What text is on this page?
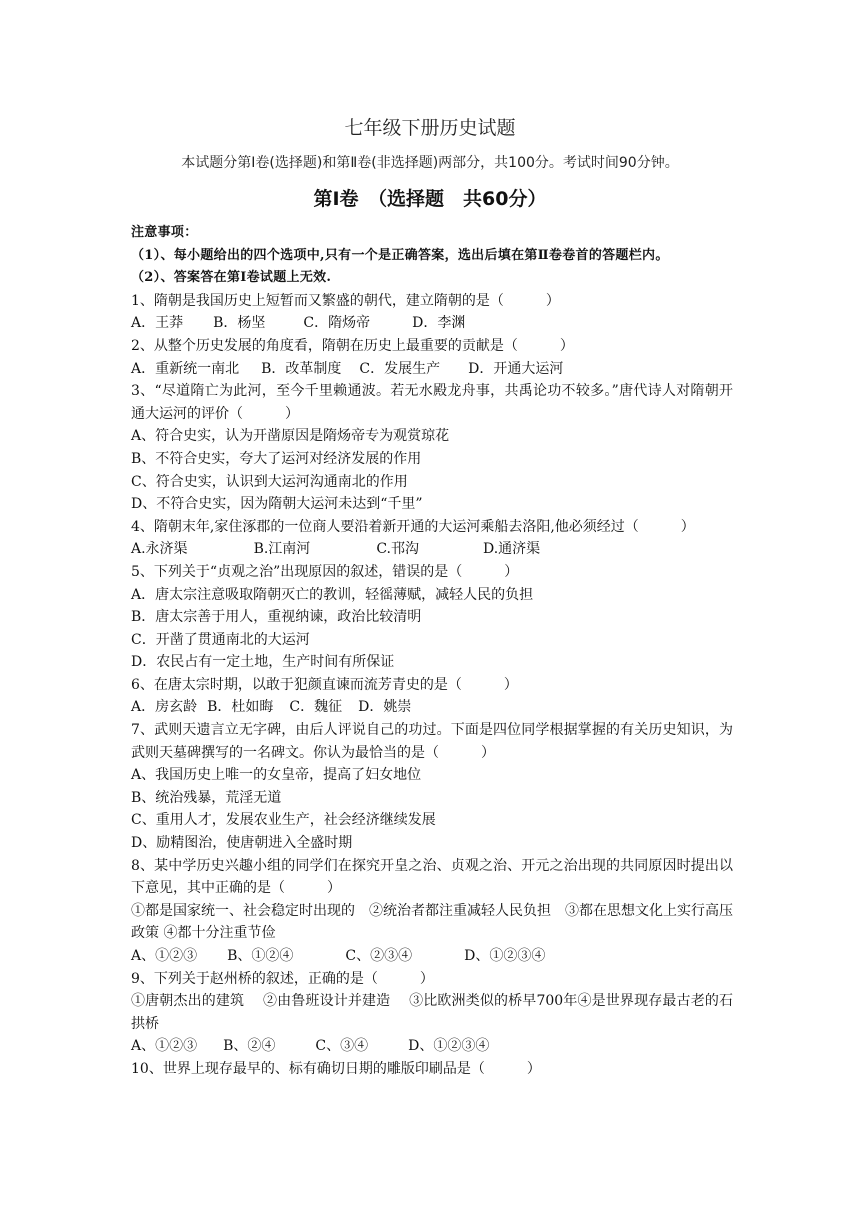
七年级下册历史试题
本试题分第Ⅰ卷(选择题)和第Ⅱ卷(非选择题)两部分，共100分。考试时间90分钟。
第Ⅰ卷　（选择题　共60分）

注意事项：

（1）、每小题给出的四个选项中,只有一个是正确答案，选出后填在第Ⅱ卷卷首的答题栏内。

（2）、答案答在第Ⅰ卷试题上无效.

1、隋朝是我国历史上短暂而又繁盛的朝代，建立隋朝的是（　　　）

A．王莽 B．杨坚	C．隋炀帝	D．李渊

2、从整个历史发展的角度看，隋朝在历史上最重要的贡献是（　　　）

A．重新统一南北 B．改革制度 C．发展生产 D．开通大运河

3、“尽道隋亡为此河，至今千里赖通波。若无水殿龙舟事，共禹论功不较多。”唐代诗人对隋朝开通大运河的评价（　　　）

A、符合史实，认为开凿原因是隋炀帝专为观赏琼花

B、不符合史实，夸大了运河对经济发展的作用

C、符合史实，认识到大运河沟通南北的作用

D、不符合史实，因为隋朝大运河未达到“千里”

4、隋朝末年,家住涿郡的一位商人要沿着新开通的大运河乘船去洛阳,他必须经过（　　　）

A.永济渠	B.江南河	C.邗沟	D.通济渠

5、下列关于“贞观之治”出现原因的叙述，错误的是（　　　）

A．唐太宗注意吸取隋朝灭亡的教训，轻徭薄赋，减轻人民的负担

B．唐太宗善于用人，重视纳谏，政治比较清明

C．开凿了贯通南北的大运河

D．农民占有一定土地，生产时间有所保证

6、在唐太宗时期，以敢于犯颜直谏而流芳青史的是（　　　）

A．房玄龄 B．杜如晦 C．魏征 D．姚崇

7、武则天遗言立无字碑，由后人评说自己的功过。下面是四位同学根据掌握的有关历史知识，为武则天墓碑撰写的一名碑文。你认为最恰当的是（　　　）

A、我国历史上唯一的女皇帝，提高了妇女地位

B、统治残暴，荒淫无道

C、重用人才，发展农业生产，社会经济继续发展

D、励精图治，使唐朝进入全盛时期

8、某中学历史兴趣小组的同学们在探究开皇之治、贞观之治、开元之治出现的共同原因时提出以下意见，其中正确的是（　　　）

①都是国家统一、社会稳定时出现的　②统治者都注重减轻人民负担　③都在思想文化上实行高压政策 ④都十分注重节俭

A、①②③ B、①②④	C、②③④	D、①②③④

9、下列关于赵州桥的叙述，正确的是（　　　）

①唐朝杰出的建筑　 ②由鲁班设计并建造　 ③比欧洲类似的桥早700年④是世界现存最古老的石拱桥

A、①②③ B、②④	C、③④	D、①②③④

10、世界上现存最早的、标有确切日期的雕版印刷品是（　　　）
